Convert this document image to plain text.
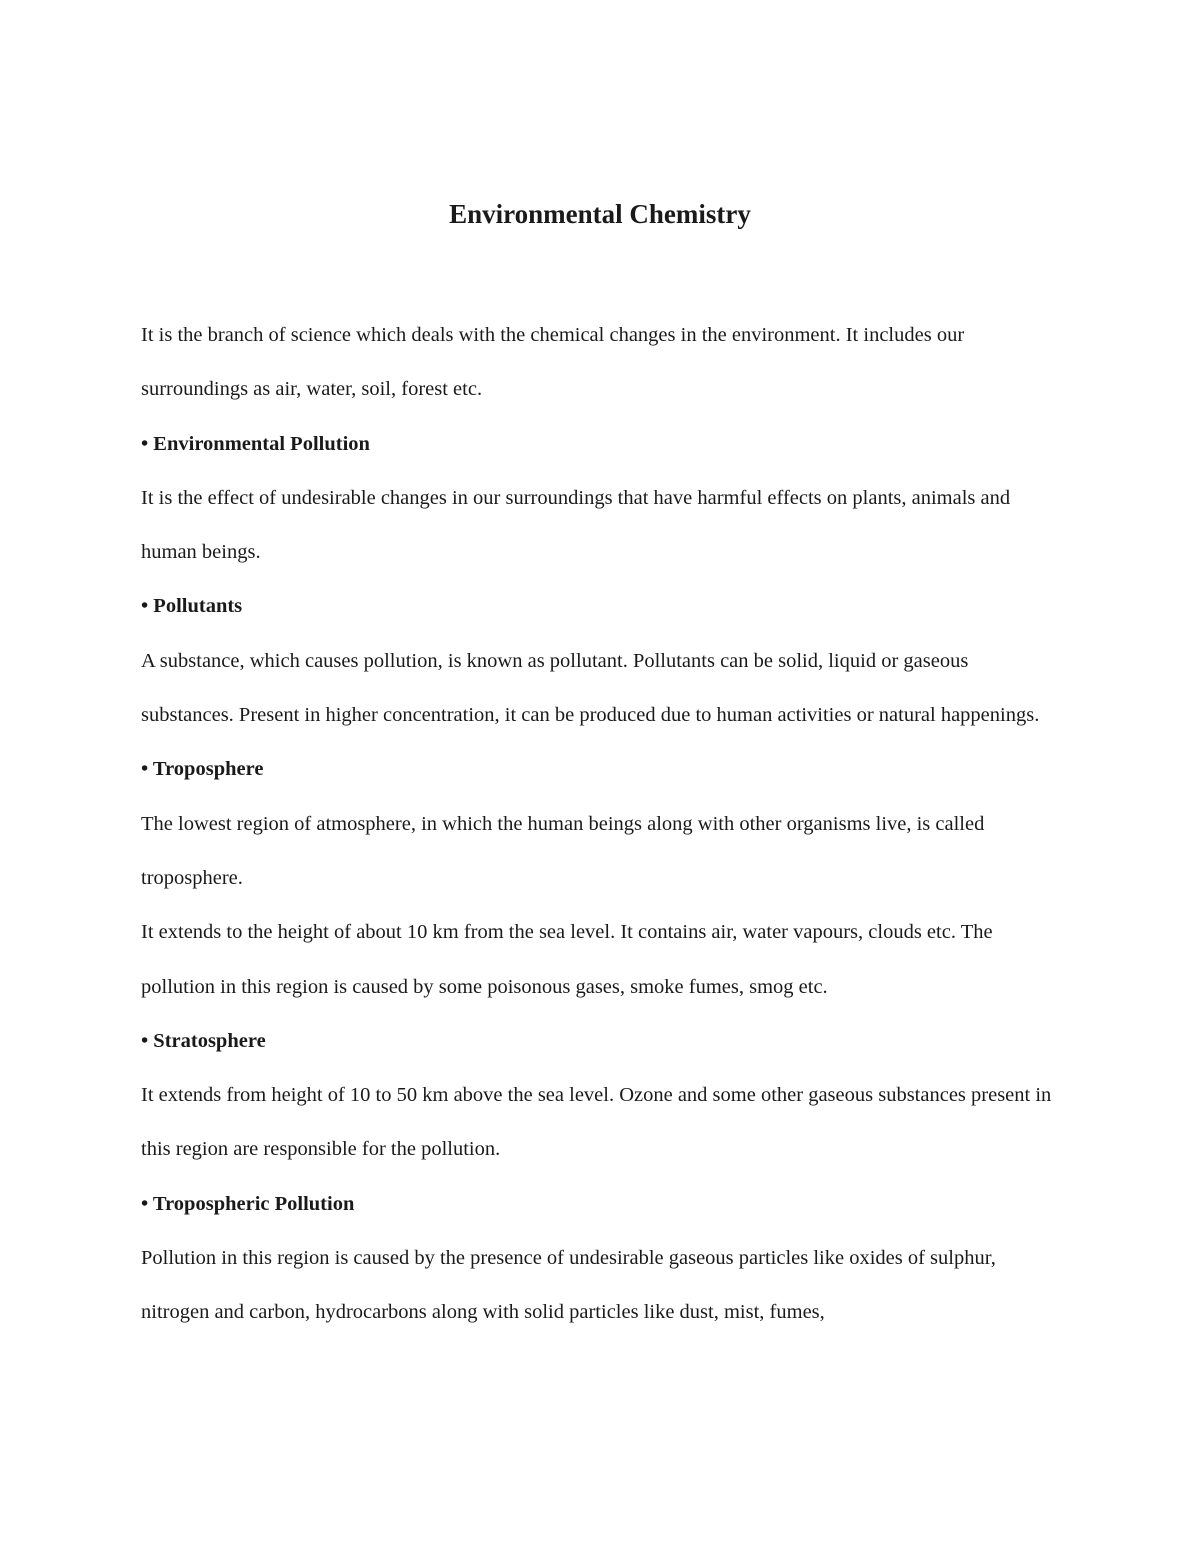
Environmental Chemistry

It is the branch of science which deals with the chemical changes in the environment. It includes our surroundings as air, water, soil, forest etc.

• Environmental Pollution

It is the effect of undesirable changes in our surroundings that have harmful effects on plants, animals and human beings.

• Pollutants

A substance, which causes pollution, is known as pollutant. Pollutants can be solid, liquid or gaseous substances. Present in higher concentration, it can be produced due to human activities or natural happenings.

• Troposphere

The lowest region of atmosphere, in which the human beings along with other organisms live, is called troposphere.

It extends to the height of about 10 km from the sea level. It contains air, water vapours, clouds etc. The pollution in this region is caused by some poisonous gases, smoke fumes, smog etc.

• Stratosphere

It extends from height of 10 to 50 km above the sea level. Ozone and some other gaseous substances present in this region are responsible for the pollution.

• Tropospheric Pollution

Pollution in this region is caused by the presence of undesirable gaseous particles like oxides of sulphur, nitrogen and carbon, hydrocarbons along with solid particles like dust, mist, fumes,
